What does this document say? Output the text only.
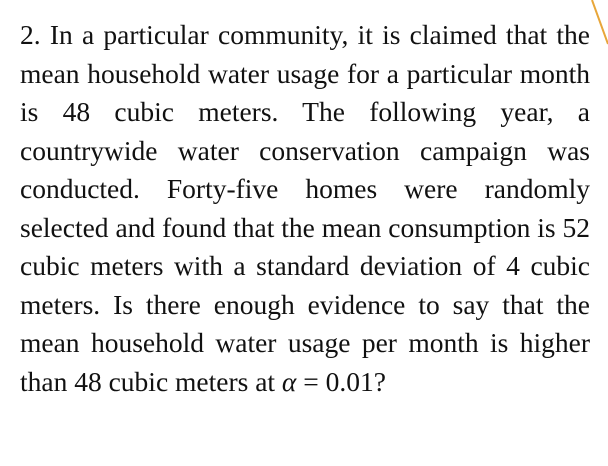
2. In a particular community, it is claimed that the mean household water usage for a particular month is 48 cubic meters. The following year, a countrywide water conservation campaign was conducted. Forty-five homes were randomly selected and found that the mean consumption is 52 cubic meters with a standard deviation of 4 cubic meters. Is there enough evidence to say that the mean household water usage per month is higher than 48 cubic meters at α = 0.01?
